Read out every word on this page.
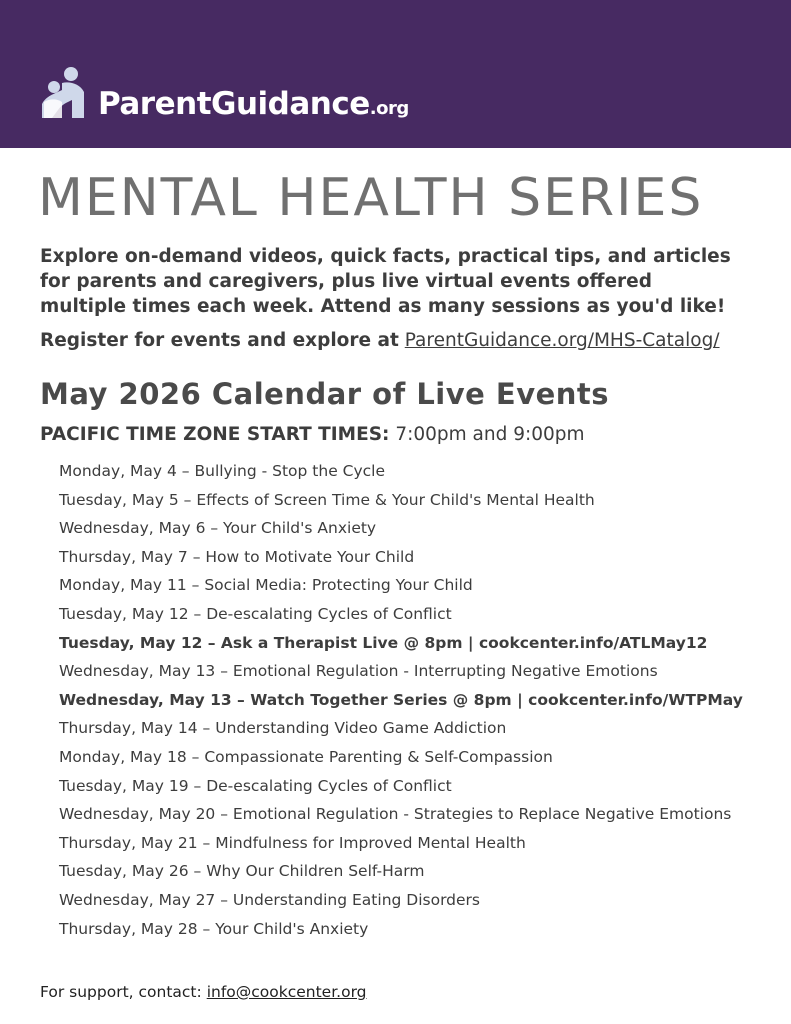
ParentGuidance.org
MENTAL HEALTH SERIES

Explore on-demand videos, quick facts, practical tips, and articles for parents and caregivers, plus live virtual events offered multiple times each week. Attend as many sessions as you'd like!

Register for events and explore at ParentGuidance.org/MHS-Catalog/

May 2026 Calendar of Live Events

PACIFIC TIME ZONE START TIMES: 7:00pm and 9:00pm

Monday, May 4 – Bullying - Stop the Cycle
Tuesday, May 5 – Effects of Screen Time & Your Child's Mental Health
Wednesday, May 6 – Your Child's Anxiety
Thursday, May 7 – How to Motivate Your Child
Monday, May 11 – Social Media: Protecting Your Child
Tuesday, May 12 – De-escalating Cycles of Conflict
Tuesday, May 12 – Ask a Therapist Live @ 8pm | cookcenter.info/ATLMay12
Wednesday, May 13 – Emotional Regulation - Interrupting Negative Emotions
Wednesday, May 13 – Watch Together Series @ 8pm | cookcenter.info/WTPMay
Thursday, May 14 – Understanding Video Game Addiction
Monday, May 18 – Compassionate Parenting & Self-Compassion
Tuesday, May 19 – De-escalating Cycles of Conflict
Wednesday, May 20 – Emotional Regulation - Strategies to Replace Negative Emotions
Thursday, May 21 – Mindfulness for Improved Mental Health
Tuesday, May 26 – Why Our Children Self-Harm
Wednesday, May 27 – Understanding Eating Disorders
Thursday, May 28 – Your Child's Anxiety

For support, contact: info@cookcenter.org
